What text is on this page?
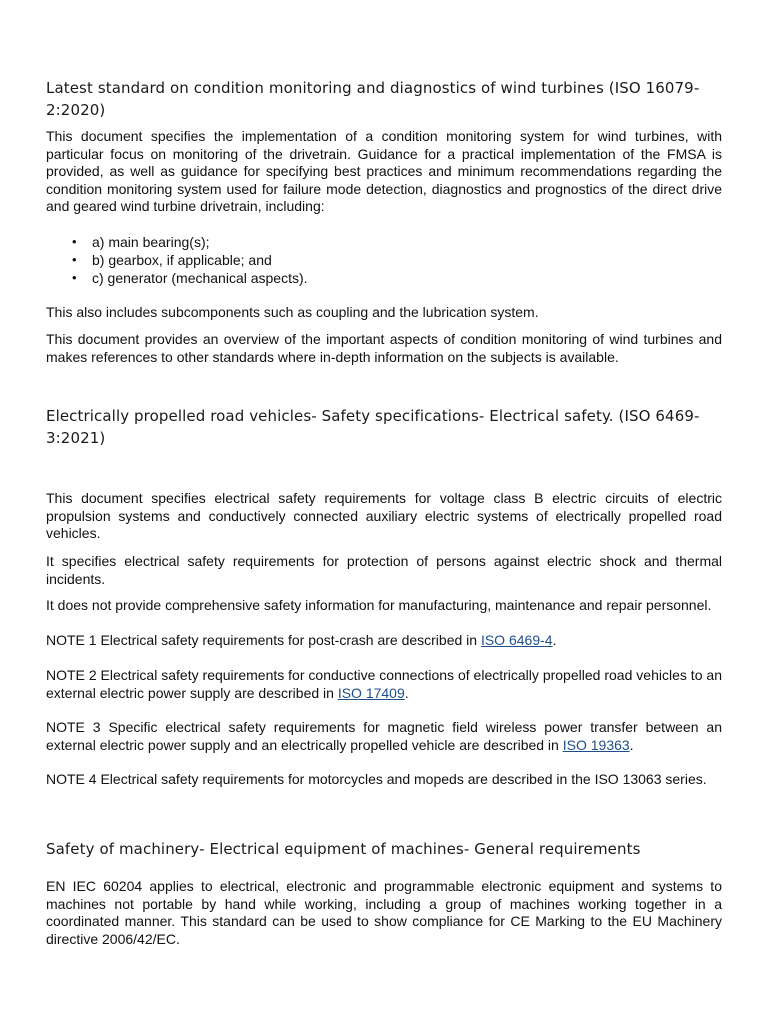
Latest standard on condition monitoring and diagnostics of wind turbines (ISO 16079-2:2020)

This document specifies the implementation of a condition monitoring system for wind turbines, with particular focus on monitoring of the drivetrain. Guidance for a practical implementation of the FMSA is provided, as well as guidance for specifying best practices and minimum recommendations regarding the condition monitoring system used for failure mode detection, diagnostics and prognostics of the direct drive and geared wind turbine drivetrain, including:

• a) main bearing(s);
• b) gearbox, if applicable; and
• c) generator (mechanical aspects).

This also includes subcomponents such as coupling and the lubrication system.

This document provides an overview of the important aspects of condition monitoring of wind turbines and makes references to other standards where in-depth information on the subjects is available.

Electrically propelled road vehicles- Safety specifications- Electrical safety. (ISO 6469-3:2021)

This document specifies electrical safety requirements for voltage class B electric circuits of electric propulsion systems and conductively connected auxiliary electric systems of electrically propelled road vehicles.

It specifies electrical safety requirements for protection of persons against electric shock and thermal incidents.

It does not provide comprehensive safety information for manufacturing, maintenance and repair personnel.

NOTE 1 Electrical safety requirements for post-crash are described in ISO 6469-4.

NOTE 2 Electrical safety requirements for conductive connections of electrically propelled road vehicles to an external electric power supply are described in ISO 17409.

NOTE 3 Specific electrical safety requirements for magnetic field wireless power transfer between an external electric power supply and an electrically propelled vehicle are described in ISO 19363.

NOTE 4 Electrical safety requirements for motorcycles and mopeds are described in the ISO 13063 series.

Safety of machinery- Electrical equipment of machines- General requirements

EN IEC 60204 applies to electrical, electronic and programmable electronic equipment and systems to machines not portable by hand while working, including a group of machines working together in a coordinated manner. This standard can be used to show compliance for CE Marking to the EU Machinery directive 2006/42/EC.
